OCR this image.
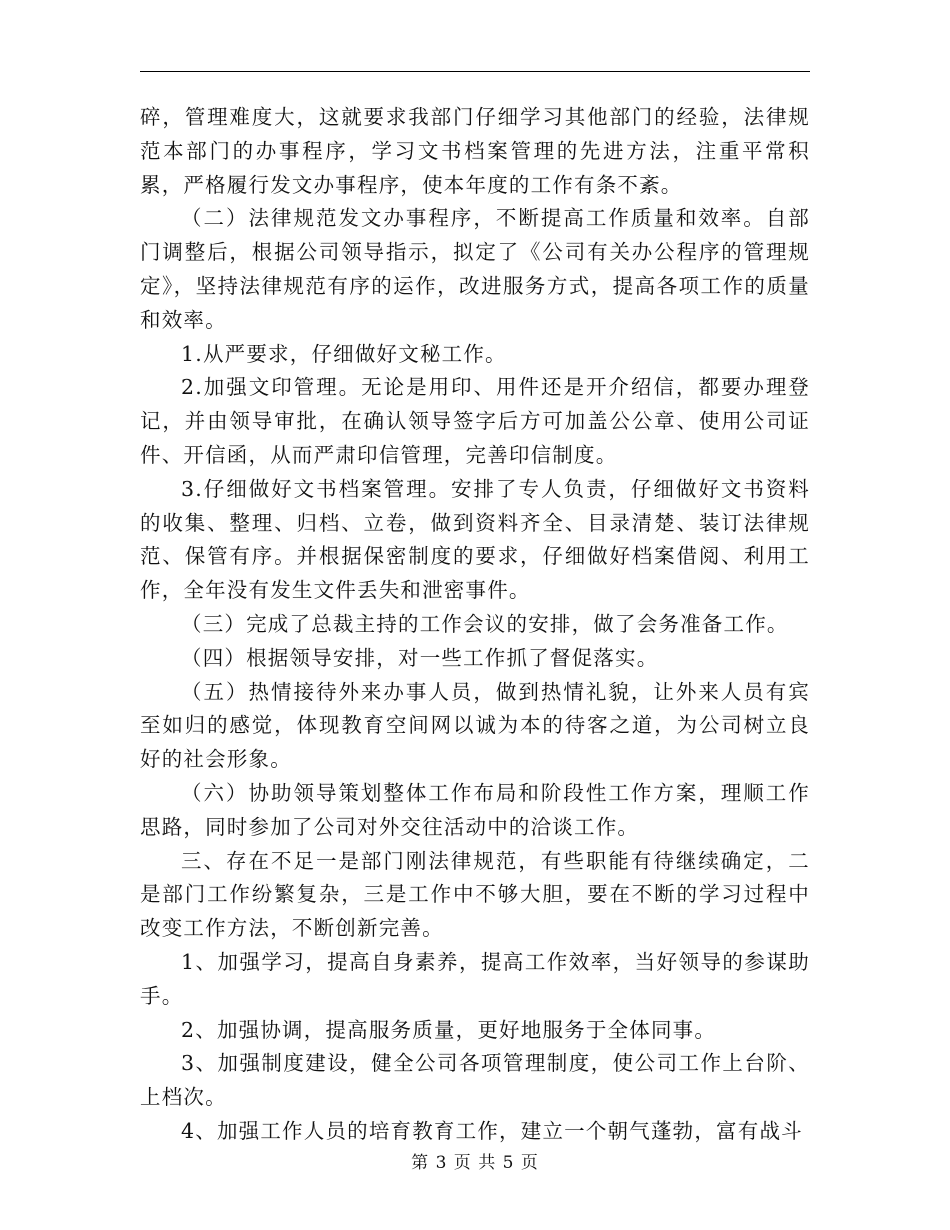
碎，管理难度大，这就要求我部门仔细学习其他部门的经验，法律规范本部门的办事程序，学习文书档案管理的先进方法，注重平常积累，严格履行发文办事程序，使本年度的工作有条不紊。

（二）法律规范发文办事程序，不断提高工作质量和效率。自部门调整后，根据公司领导指示，拟定了《公司有关办公程序的管理规定》，坚持法律规范有序的运作，改进服务方式，提高各项工作的质量和效率。

1.从严要求，仔细做好文秘工作。

2.加强文印管理。无论是用印、用件还是开介绍信，都要办理登记，并由领导审批，在确认领导签字后方可加盖公公章、使用公司证件、开信函，从而严肃印信管理，完善印信制度。

3.仔细做好文书档案管理。安排了专人负责，仔细做好文书资料的收集、整理、归档、立卷，做到资料齐全、目录清楚、装订法律规范、保管有序。并根据保密制度的要求，仔细做好档案借阅、利用工作，全年没有发生文件丢失和泄密事件。

（三）完成了总裁主持的工作会议的安排，做了会务准备工作。

（四）根据领导安排，对一些工作抓了督促落实。

（五）热情接待外来办事人员，做到热情礼貌，让外来人员有宾至如归的感觉，体现教育空间网以诚为本的待客之道，为公司树立良好的社会形象。

（六）协助领导策划整体工作布局和阶段性工作方案，理顺工作思路，同时参加了公司对外交往活动中的洽谈工作。

三、存在不足一是部门刚法律规范，有些职能有待继续确定，二是部门工作纷繁复杂，三是工作中不够大胆，要在不断的学习过程中改变工作方法，不断创新完善。

1、加强学习，提高自身素养，提高工作效率，当好领导的参谋助手。

2、加强协调，提高服务质量，更好地服务于全体同事。

3、加强制度建设，健全公司各项管理制度，使公司工作上台阶、上档次。

4、加强工作人员的培育教育工作，建立一个朝气蓬勃，富有战斗

第 3 页 共 5 页
